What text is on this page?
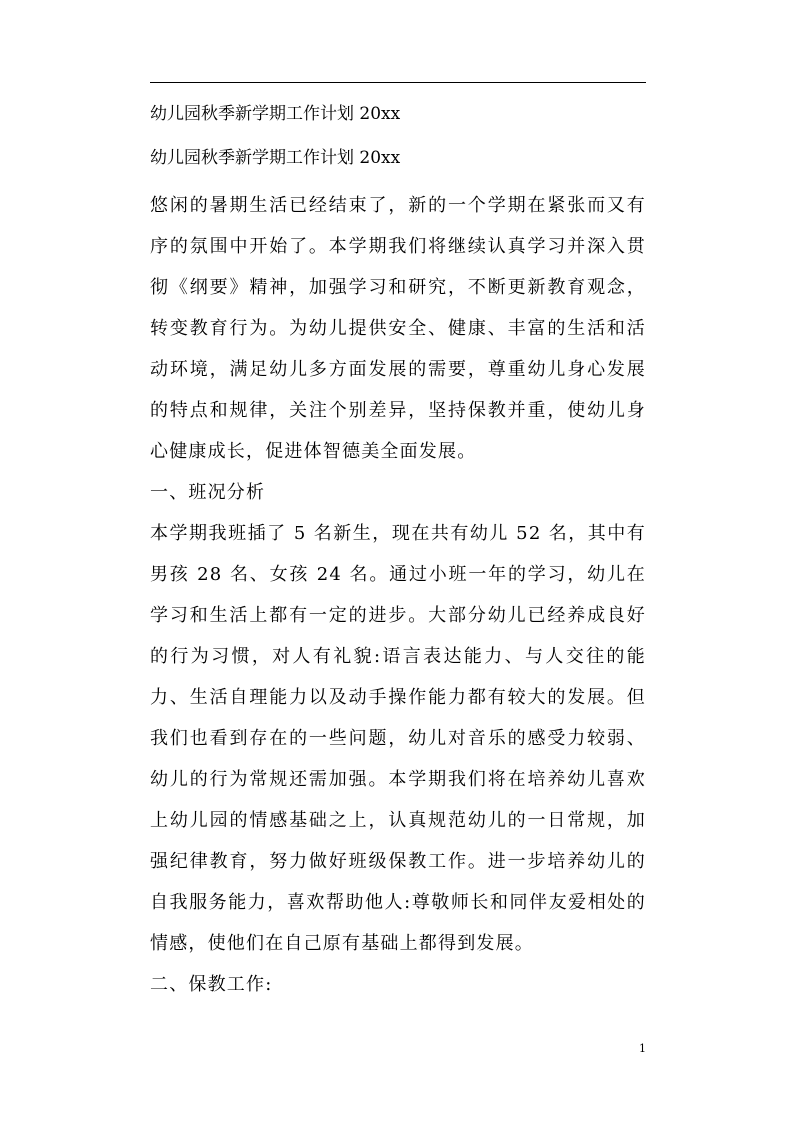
幼儿园秋季新学期工作计划 20xx

幼儿园秋季新学期工作计划 20xx

悠闲的暑期生活已经结束了，新的一个学期在紧张而又有序的氛围中开始了。本学期我们将继续认真学习并深入贯彻《纲要》精神，加强学习和研究，不断更新教育观念，转变教育行为。为幼儿提供安全、健康、丰富的生活和活动环境，满足幼儿多方面发展的需要，尊重幼儿身心发展的特点和规律，关注个别差异，坚持保教并重，使幼儿身心健康成长，促进体智德美全面发展。

一、班况分析

本学期我班插了 5 名新生，现在共有幼儿 52 名，其中有男孩 28 名、女孩 24 名。通过小班一年的学习，幼儿在学习和生活上都有一定的进步。大部分幼儿已经养成良好的行为习惯，对人有礼貌:语言表达能力、与人交往的能力、生活自理能力以及动手操作能力都有较大的发展。但我们也看到存在的一些问题，幼儿对音乐的感受力较弱、幼儿的行为常规还需加强。本学期我们将在培养幼儿喜欢上幼儿园的情感基础之上，认真规范幼儿的一日常规，加强纪律教育，努力做好班级保教工作。进一步培养幼儿的自我服务能力，喜欢帮助他人:尊敬师长和同伴友爱相处的情感，使他们在自己原有基础上都得到发展。

二、保教工作:

1
